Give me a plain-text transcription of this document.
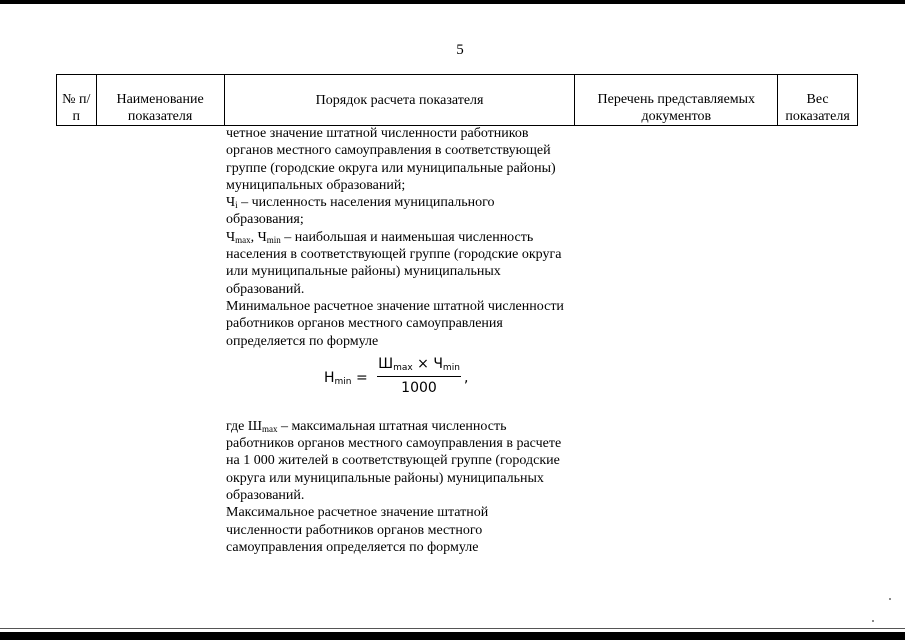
5
№ п/п	Наименование показателя	Порядок расчета показателя	Перечень представляемых документов	Вес показателя

четное значение штатной численности работников органов местного самоуправления в соответствующей группе (городские округа или муниципальные районы) муниципальных образований;

$Ч_i$ – численность населения муниципального образования;

$Ч_{max}$, $Ч_{min}$ – наибольшая и наименьшая численность населения в соответствующей группе (городские округа или муниципальные районы) муниципальных образований.

Минимальное расчетное значение штатной численности работников органов местного самоуправления определяется по формуле

$Н_{min}$ =
$Ш_{max} \times Ч_{min}$
1000
,

где $Ш_{max}$ – максимальная штатная численность работников органов местного самоуправления в расчете на 1 000 жителей в соответствующей группе (городские округа или муниципальные районы) муниципальных образований.

Максимальное расчетное значение штатной численности работников органов местного самоуправления определяется по формуле
